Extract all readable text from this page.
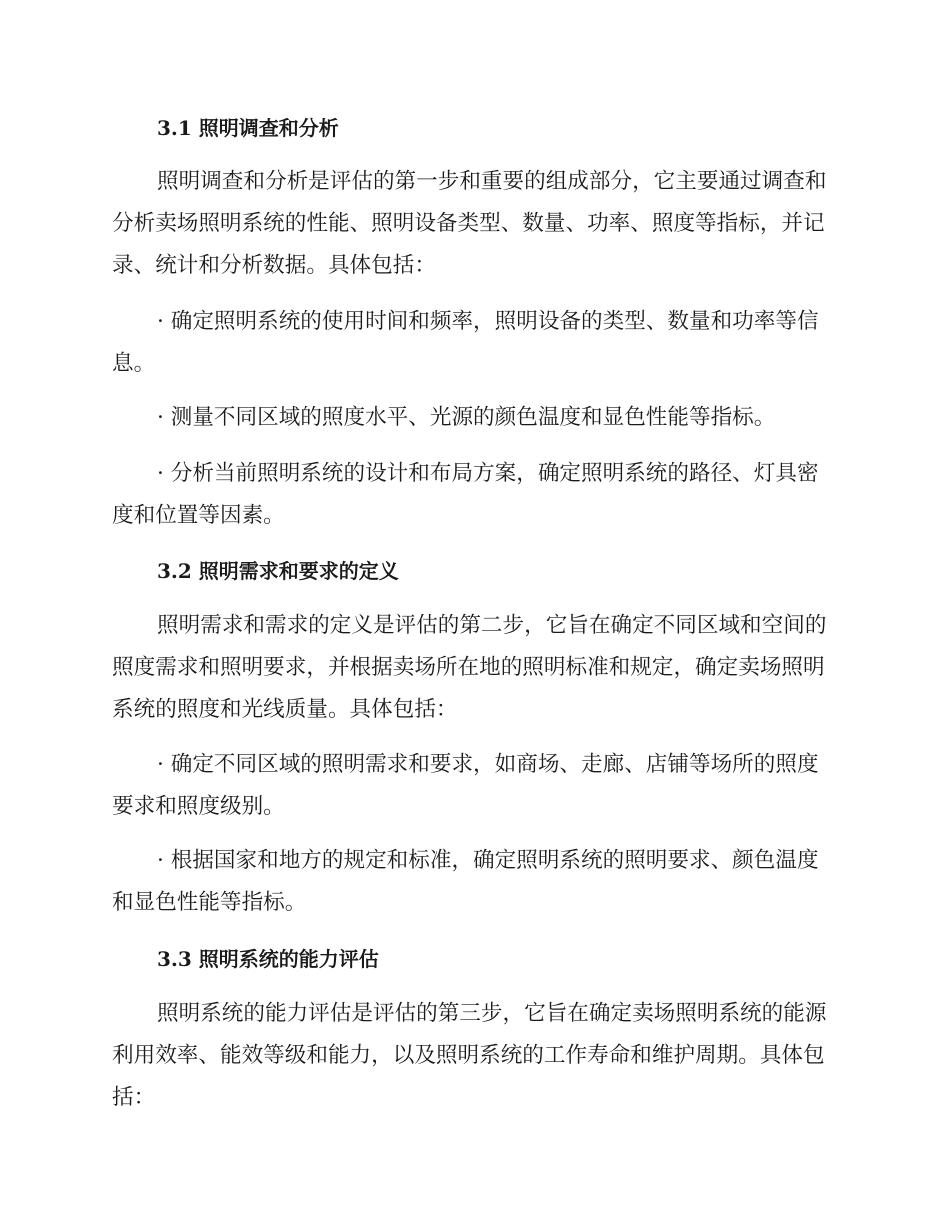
3.1 照明调查和分析

照明调查和分析是评估的第一步和重要的组成部分，它主要通过调查和分析卖场照明系统的性能、照明设备类型、数量、功率、照度等指标，并记录、统计和分析数据。具体包括：

· 确定照明系统的使用时间和频率，照明设备的类型、数量和功率等信息。

· 测量不同区域的照度水平、光源的颜色温度和显色性能等指标。

· 分析当前照明系统的设计和布局方案，确定照明系统的路径、灯具密度和位置等因素。

3.2 照明需求和要求的定义

照明需求和需求的定义是评估的第二步，它旨在确定不同区域和空间的照度需求和照明要求，并根据卖场所在地的照明标准和规定，确定卖场照明系统的照度和光线质量。具体包括：

· 确定不同区域的照明需求和要求，如商场、走廊、店铺等场所的照度要求和照度级别。

· 根据国家和地方的规定和标准，确定照明系统的照明要求、颜色温度和显色性能等指标。

3.3 照明系统的能力评估

照明系统的能力评估是评估的第三步，它旨在确定卖场照明系统的能源利用效率、能效等级和能力，以及照明系统的工作寿命和维护周期。具体包括：
